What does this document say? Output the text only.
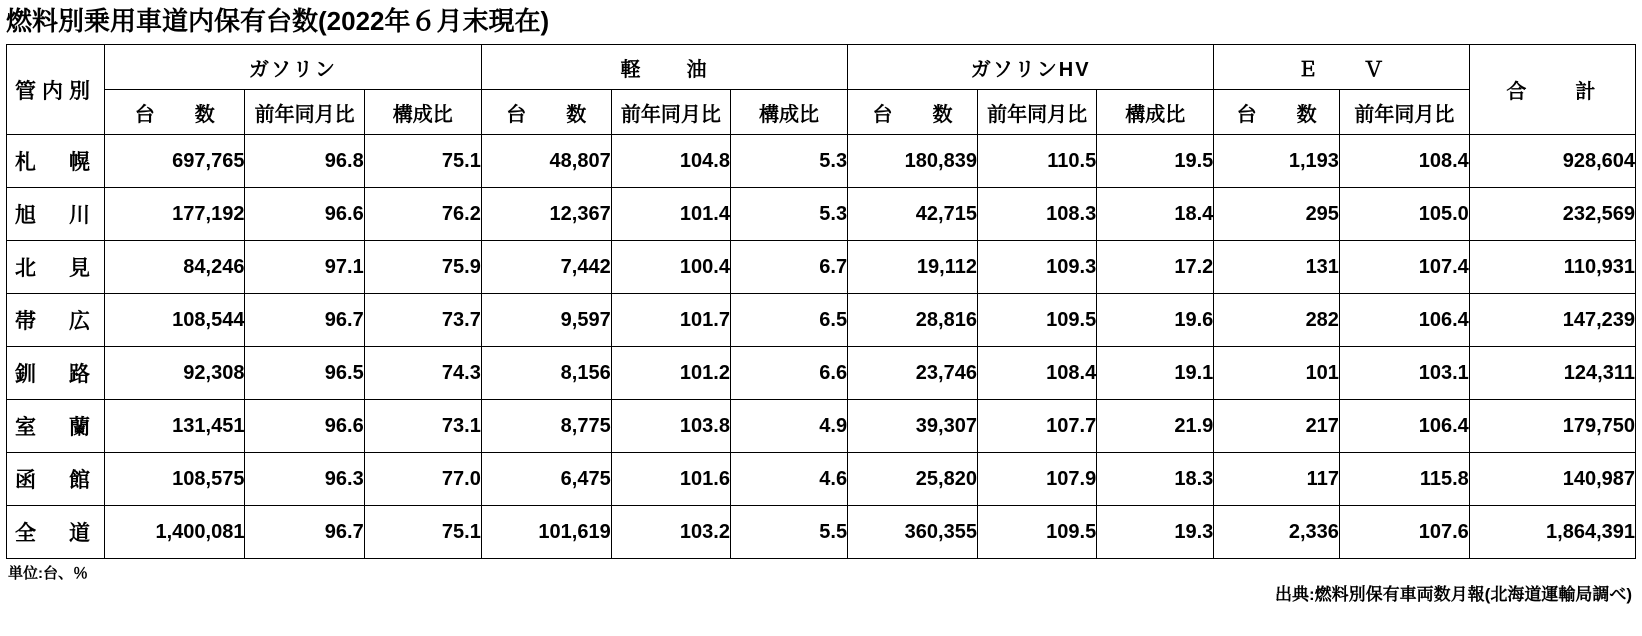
燃料別乗用車道内保有台数(2022年６月末現在)
管内別	ガソリン			軽　　油			ガソリンHV			Ｅ　　Ｖ		合　　計
	台　　数	前年同月比	構成比	台　　数	前年同月比	構成比	台　　数	前年同月比	構成比	台　　数	前年同月比	
札　幌	697,765	96.8	75.1	48,807	104.8	5.3	180,839	110.5	19.5	1,193	108.4	928,604
旭　川	177,192	96.6	76.2	12,367	101.4	5.3	42,715	108.3	18.4	295	105.0	232,569
北　見	84,246	97.1	75.9	7,442	100.4	6.7	19,112	109.3	17.2	131	107.4	110,931
帯　広	108,544	96.7	73.7	9,597	101.7	6.5	28,816	109.5	19.6	282	106.4	147,239
釧　路	92,308	96.5	74.3	8,156	101.2	6.6	23,746	108.4	19.1	101	103.1	124,311
室　蘭	131,451	96.6	73.1	8,775	103.8	4.9	39,307	107.7	21.9	217	106.4	179,750
函　館	108,575	96.3	77.0	6,475	101.6	4.6	25,820	107.9	18.3	117	115.8	140,987
全　道	1,400,081	96.7	75.1	101,619	103.2	5.5	360,355	109.5	19.3	2,336	107.6	1,864,391
単位:台、％
出典:燃料別保有車両数月報(北海道運輸局調べ)
